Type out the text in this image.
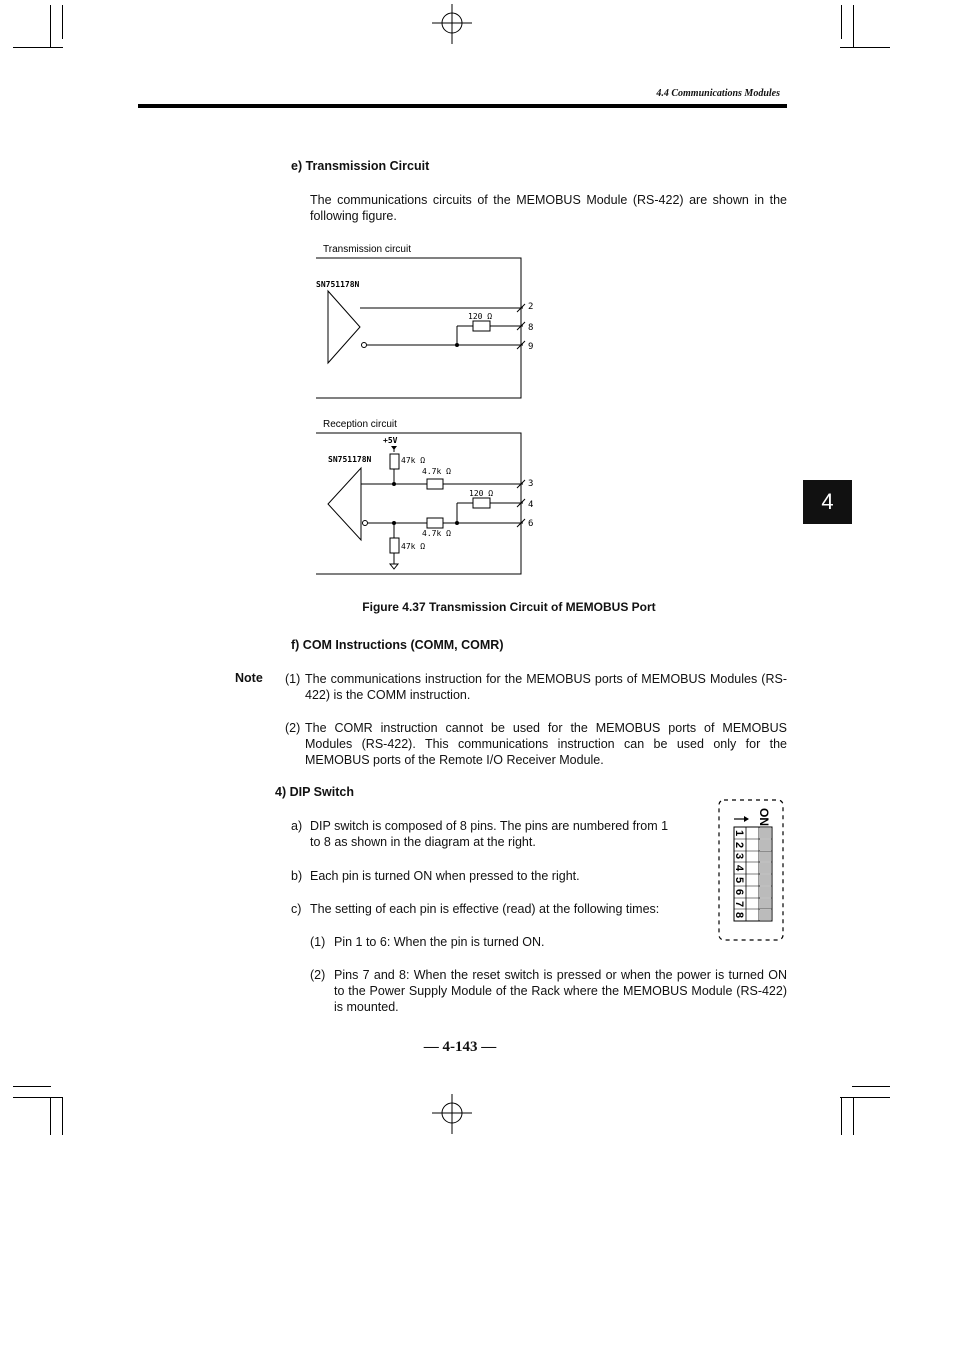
4.4 Communications Modules
4
e) Transmission Circuit
The communications circuits of the MEMOBUS Module (RS-422) are shown in the following figure.
Transmission circuit
SN751178N
120 Ω
2
8
9
Reception circuit
+5V
47k Ω
SN751178N
4.7k Ω
120 Ω
4.7k Ω
47k Ω
3
4
6
Figure 4.37 Transmission Circuit of MEMOBUS Port
f) COM Instructions (COMM, COMR)
Note (1) The communications instruction for the MEMOBUS ports of MEMOBUS Modules (RS-422) is the COMM instruction.
(2) The COMR instruction cannot be used for the MEMOBUS ports of MEMOBUS Modules (RS-422). This communications instruction can be used only for the MEMOBUS ports of the Remote I/O Receiver Module.
4) DIP Switch
a) DIP switch is composed of 8 pins. The pins are numbered from 1 to 8 as shown in the diagram at the right.
b) Each pin is turned ON when pressed to the right.
c) The setting of each pin is effective (read) at the following times:
(1) Pin 1 to 6: When the pin is turned ON.
(2) Pins 7 and 8: When the reset switch is pressed or when the power is turned ON to the Power Supply Module of the Rack where the MEMOBUS Module (RS-422) is mounted.
ON
1
2
3
4
5
6
7
8
— 4-143 —
